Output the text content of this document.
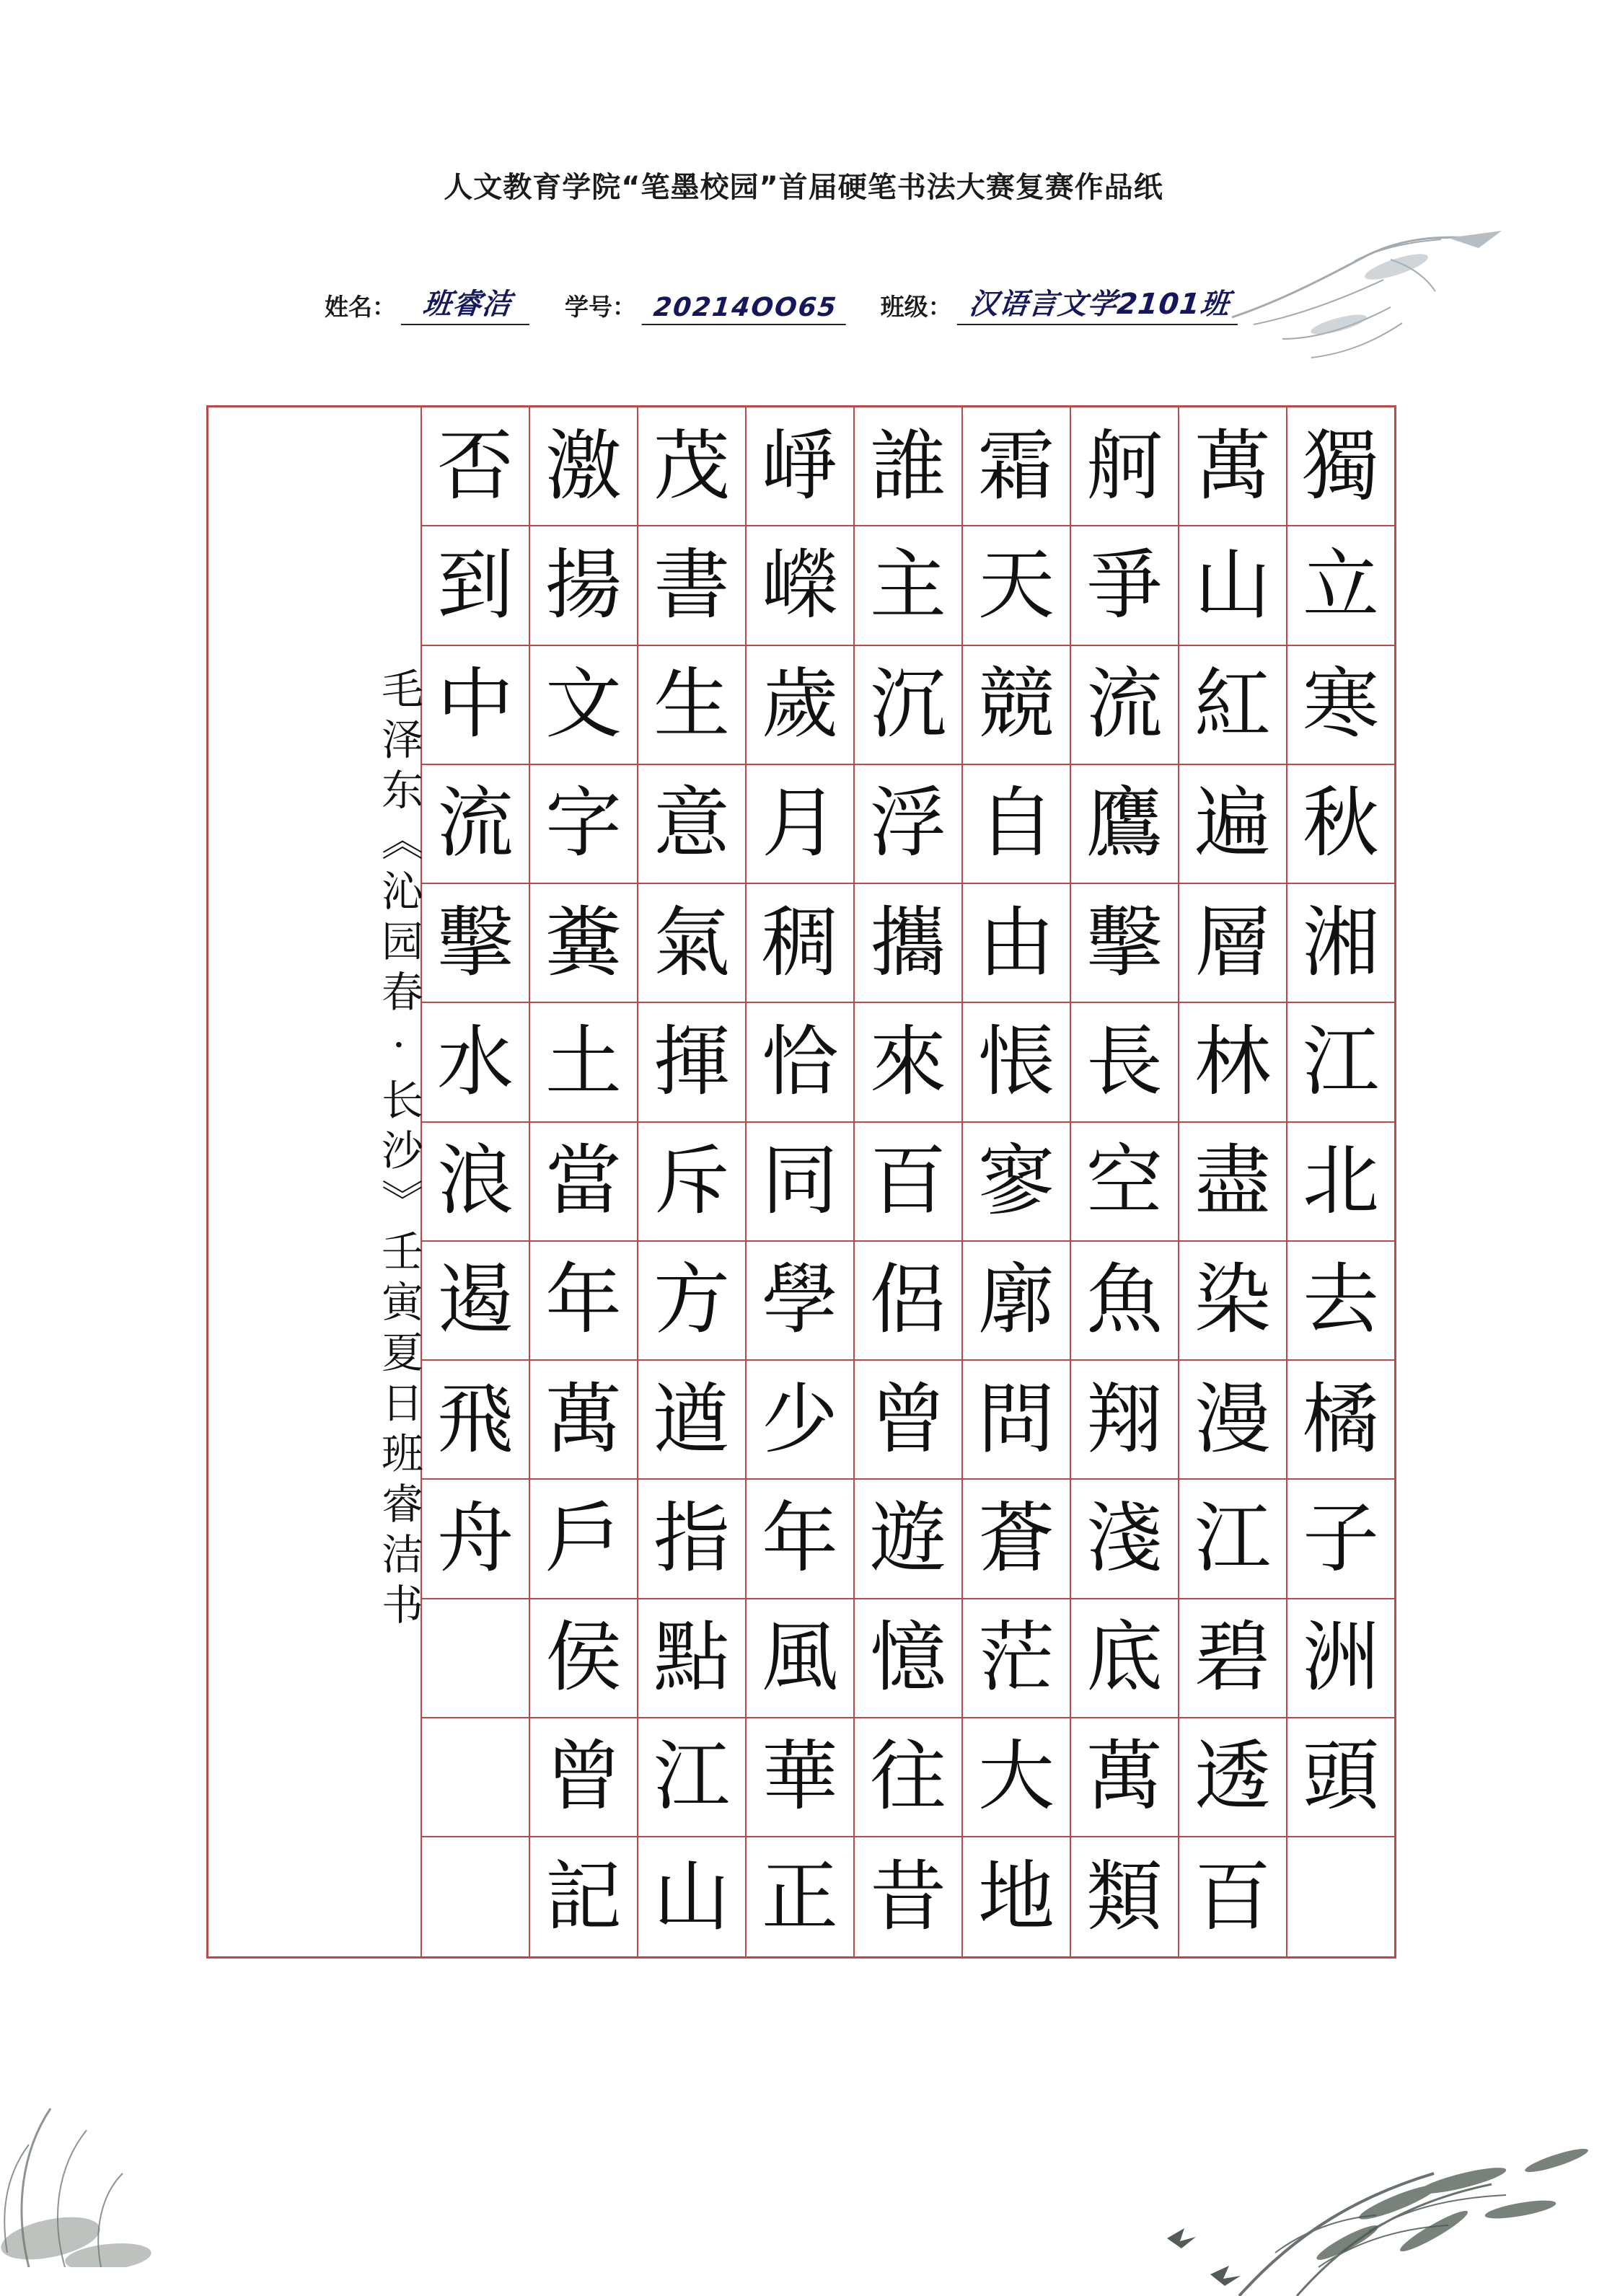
人文教育学院“笔墨校园”首届硬笔书法大赛复赛作品纸
姓名： 班睿洁	学号： 20214OO65	班级： 汉语言文学2101班
獨
立
寒
秋
湘
江
北
去
橘
子
洲
頭
萬
山
紅
遍
層
林
盡
染
漫
江
碧
透
百
舸
爭
流
鷹
擊
長
空
魚
翔
淺
底
萬
類
霜
天
競
自
由
悵
寥
廓
問
蒼
茫
大
地
誰
主
沉
浮
攜
來
百
侶
曾
遊
憶
往
昔
崢
嶸
歲
月
稠
恰
同
學
少
年
風
華
正
茂
書
生
意
氣
揮
斥
方
遒
指
點
江
山
激
揚
文
字
糞
土
當
年
萬
戶
侯
曾
記
否
到
中
流
擊
水
浪
遏
飛
舟
毛泽东《沁园春·长沙》壬寅夏日班睿洁书
